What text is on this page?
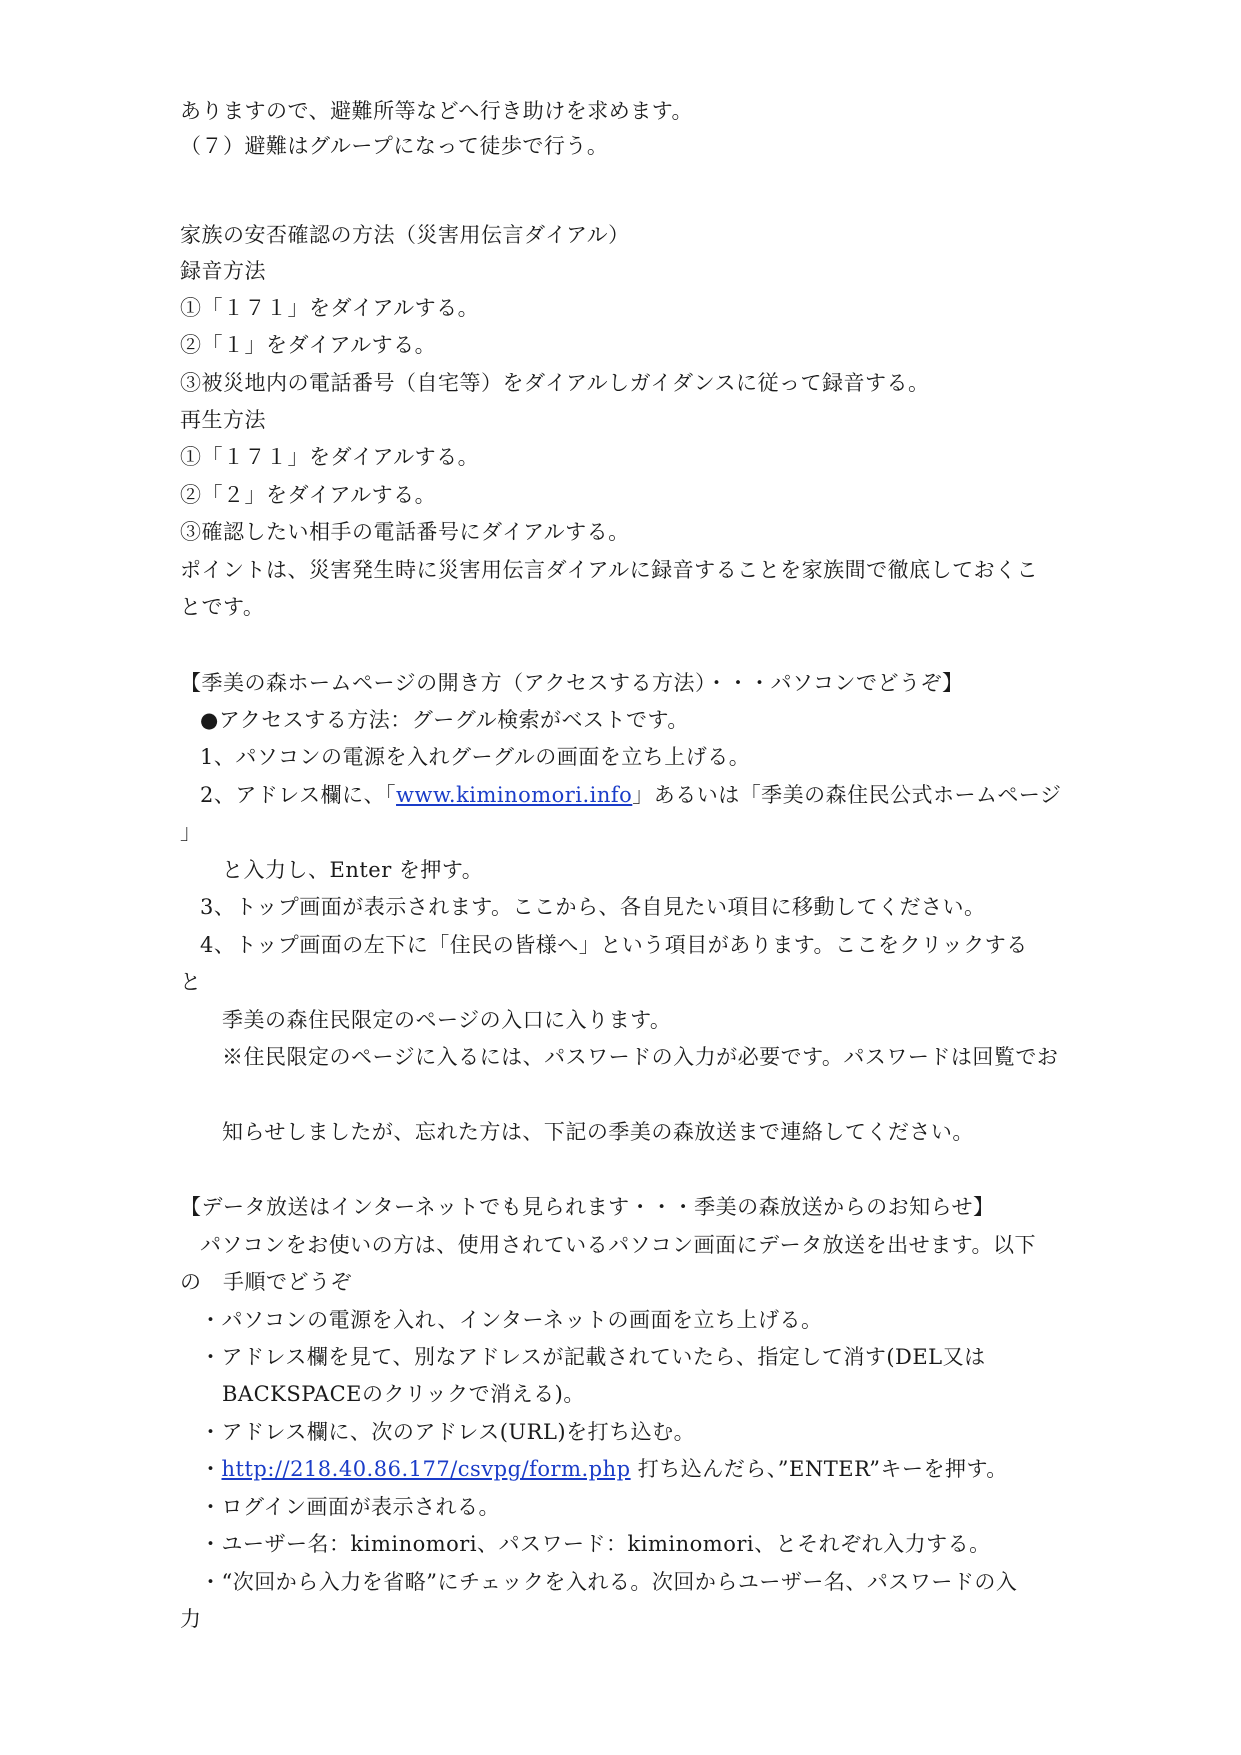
ありますので、避難所等などへ行き助けを求めます。
（７）避難はグループになって徒歩で行う。
家族の安否確認の方法（災害用伝言ダイアル）
録音方法
①「１７１」をダイアルする。
②「１」をダイアルする。
③被災地内の電話番号（自宅等）をダイアルしガイダンスに従って録音する。
再生方法
①「１７１」をダイアルする。
②「２」をダイアルする。
③確認したい相手の電話番号にダイアルする。
ポイントは、災害発生時に災害用伝言ダイアルに録音することを家族間で徹底しておくこ
とです。
【季美の森ホームページの開き方（アクセスする方法）・・・パソコンでどうぞ】
●アクセスする方法：グーグル検索がベストです。
1、パソコンの電源を入れグーグルの画面を立ち上げる。
2、アドレス欄に、「www.kiminomori.info」あるいは「季美の森住民公式ホームページ
」
と入力し、Enter を押す。
3、トップ画面が表示されます。ここから、各自見たい項目に移動してください。
4、トップ画面の左下に「住民の皆様へ」という項目があります。ここをクリックする
と
季美の森住民限定のページの入口に入ります。
※住民限定のページに入るには、パスワードの入力が必要です。パスワードは回覧でお
知らせしましたが、忘れた方は、下記の季美の森放送まで連絡してください。
【データ放送はインターネットでも見られます・・・季美の森放送からのお知らせ】
パソコンをお使いの方は、使用されているパソコン画面にデータ放送を出せます。以下
の　手順でどうぞ
・パソコンの電源を入れ、インターネットの画面を立ち上げる。
・アドレス欄を見て、別なアドレスが記載されていたら、指定して消す(DEL又は
BACKSPACEのクリックで消える)。
・アドレス欄に、次のアドレス(URL)を打ち込む。
・http://218.40.86.177/csvpg/form.php 打ち込んだら、”ENTER”キーを押す。
・ログイン画面が表示される。
・ユーザー名：kiminomori、パスワード：kiminomori、とそれぞれ入力する。
・“次回から入力を省略”にチェックを入れる。次回からユーザー名、パスワードの入
力
